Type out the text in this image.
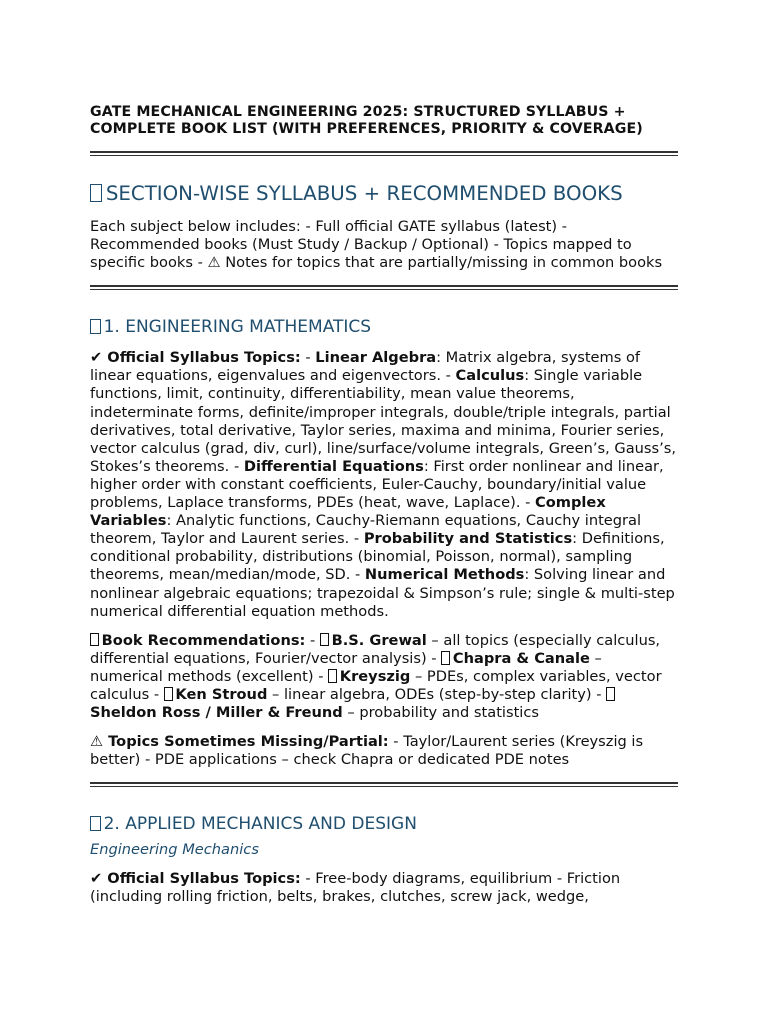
GATE MECHANICAL ENGINEERING 2025: STRUCTURED SYLLABUS + COMPLETE BOOK LIST (WITH PREFERENCES, PRIORITY & COVERAGE)
SECTION-WISE SYLLABUS + RECOMMENDED BOOKS

Each subject below includes: - Full official GATE syllabus (latest) - Recommended books (Must Study / Backup / Optional) - Topics mapped to specific books - ⚠ Notes for topics that are partially/missing in common books

1. ENGINEERING MATHEMATICS

✔ Official Syllabus Topics: - Linear Algebra: Matrix algebra, systems of linear equations, eigenvalues and eigenvectors. - Calculus: Single variable functions, limit, continuity, differentiability, mean value theorems, indeterminate forms, definite/improper integrals, double/triple integrals, partial derivatives, total derivative, Taylor series, maxima and minima, Fourier series, vector calculus (grad, div, curl), line/surface/volume integrals, Green’s, Gauss’s, Stokes’s theorems. - Differential Equations: First order nonlinear and linear, higher order with constant coefficients, Euler-Cauchy, boundary/initial value problems, Laplace transforms, PDEs (heat, wave, Laplace). - Complex Variables: Analytic functions, Cauchy-Riemann equations, Cauchy integral theorem, Taylor and Laurent series. - Probability and Statistics: Definitions, conditional probability, distributions (binomial, Poisson, normal), sampling theorems, mean/median/mode, SD. - Numerical Methods: Solving linear and nonlinear algebraic equations; trapezoidal & Simpson’s rule; single & multi-step numerical differential equation methods.

Book Recommendations: - B.S. Grewal – all topics (especially calculus, differential equations, Fourier/vector analysis) - Chapra & Canale – numerical methods (excellent) - Kreyszig – PDEs, complex variables, vector calculus - Ken Stroud – linear algebra, ODEs (step-by-step clarity) - Sheldon Ross / Miller & Freund – probability and statistics

⚠ Topics Sometimes Missing/Partial: - Taylor/Laurent series (Kreyszig is better) - PDE applications – check Chapra or dedicated PDE notes

2. APPLIED MECHANICS AND DESIGN
Engineering Mechanics

✔ Official Syllabus Topics: - Free-body diagrams, equilibrium - Friction (including rolling friction, belts, brakes, clutches, screw jack, wedge,
